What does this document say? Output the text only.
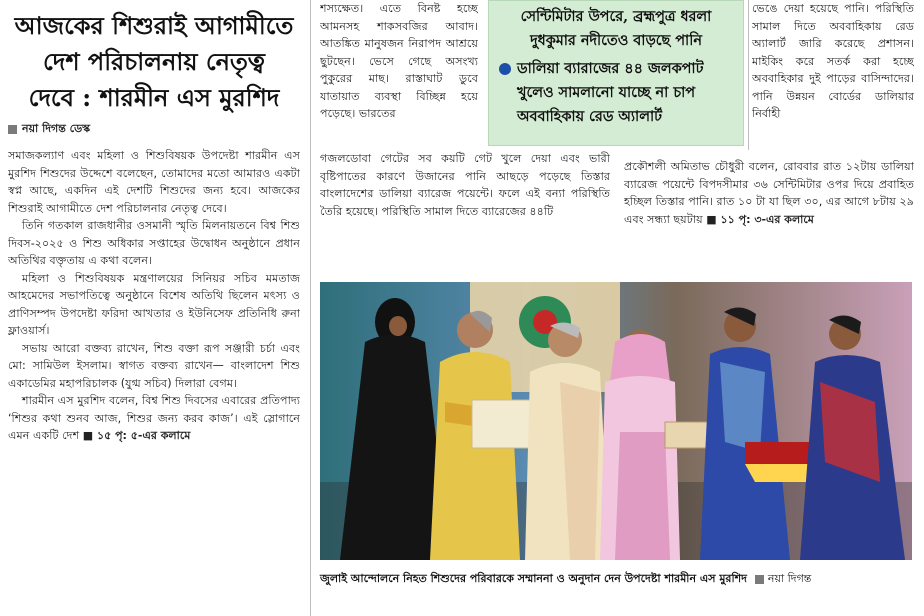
আজকের শিশুরাই আগামীতে
দেশ পরিচালনায় নেতৃত্ব
দেবে : শারমীন এস মুরশিদ
নয়া দিগন্ত ডেস্ক

সমাজকল্যাণ এবং মহিলা ও শিশুবিষয়ক উপদেষ্টা শারমীন এস মুরশিদ শিশুদের উদ্দেশে বলেছেন, তোমাদের মতো আমারও একটা স্বপ্ন আছে, একদিন এই দেশটি শিশুদের জন্য হবে। আজকের শিশুরাই আগামীতে দেশ পরিচালনার নেতৃত্ব দেবে।

তিনি গতকাল রাজধানীর ওসমানী স্মৃতি মিলনায়তনে বিশ্ব শিশু দিবস-২০২৫ ও শিশু অধিকার সপ্তাহের উদ্বোধন অনুষ্ঠানে প্রধান অতিথির বক্তৃতায় এ কথা বলেন।

মহিলা ও শিশুবিষয়ক মন্ত্রণালয়ের সিনিয়র সচিব মমতাজ আহমেদের সভাপতিত্বে অনুষ্ঠানে বিশেষ অতিথি ছিলেন মৎস্য ও প্রাণিসম্পদ উপদেষ্টা ফরিদা আখতার ও ইউনিসেফ প্রতিনিধি রুনা ফ্লাওয়ার্স।

সভায় আরো বক্তব্য রাখেন, শিশু বক্তা রূপ সঞ্জারী চর্চা এবং মো: সামিউল ইসলাম। স্বাগত বক্তব্য রাখেন— বাংলাদেশ শিশু একাডেমির মহাপরিচালক (যুগ্ম সচিব) দিলারা বেগম।

শারমীন এস মুরশিদ বলেন, বিশ্ব শিশু দিবসের এবারের প্রতিপাদ্য ‘শিশুর কথা শুনব আজ, শিশুর জন্য করব কাজ’। এই স্লোগানে এমন একটি দেশ ■ ১৫ পৃ: ৫-এর কলামে

শস্যক্ষেত। এতে বিনষ্ট হচ্ছে আমনসহ শাকসবজির আবাদ। আতঙ্কিত মানুষজন নিরাপদ আশ্রয়ে ছুটছেন। ভেসে গেছে অসংখ্য পুকুরের মাছ। রাস্তাঘাট ডুবে যাতায়াত ব্যবস্থা বিচ্ছিন্ন হয়ে পড়েছে। ভারতের
সেন্টিমিটার উপরে, ব্রহ্মপুত্র ধরলা
দুধকুমার নদীতেও বাড়ছে পানি
ডালিয়া ব্যারাজের ৪৪ জলকপাট খুলেও সামলানো যাচ্ছে না চাপ অববাহিকায় রেড অ্যালার্ট
গজলডোবা গেটের সব কয়টি গেট খুলে দেয়া এবং ভারী বৃষ্টিপাতের কারণে উজানের পানি আছড়ে পড়েছে তিস্তার বাংলাদেশের ডালিয়া ব্যারেজ পয়েন্টে। ফলে এই বন্যা পরিস্থিতি তৈরি হয়েছে। পরিস্থিতি সামাল দিতে ব্যারেজের ৪৪টি
ভেঙে দেয়া হয়েছে পানি। পরিস্থিতি সামাল দিতে অববাহিকায় রেড অ্যালার্ট জারি করেছে প্রশাসন। মাইকিং করে সতর্ক করা হচ্ছে অববাহিকার দুই পাড়ের বাসিন্দাদের। পানি উন্নয়ন বোর্ডের ডালিয়ার নির্বাহী
প্রকৌশলী অমিতাভ চৌধুরী বলেন, রোববার রাত ১২টায় ডালিয়া ব্যারেজ পয়েন্টে বিপদসীমার ৩৬ সেন্টিমিটার ওপর দিয়ে প্রবাহিত হচ্ছিল তিস্তার পানি। রাত ১০ টা যা ছিল ৩০, এর আগে ৮টায় ২৯ এবং সন্ধ্যা ছয়টায় ■ ১১ পৃ: ৩-এর কলামে
জুলাই আন্দোলনে নিহত শিশুদের পরিবারকে সম্মাননা ও অনুদান দেন উপদেষ্টা শারমীন এস মুরশিদ নয়া দিগন্ত
